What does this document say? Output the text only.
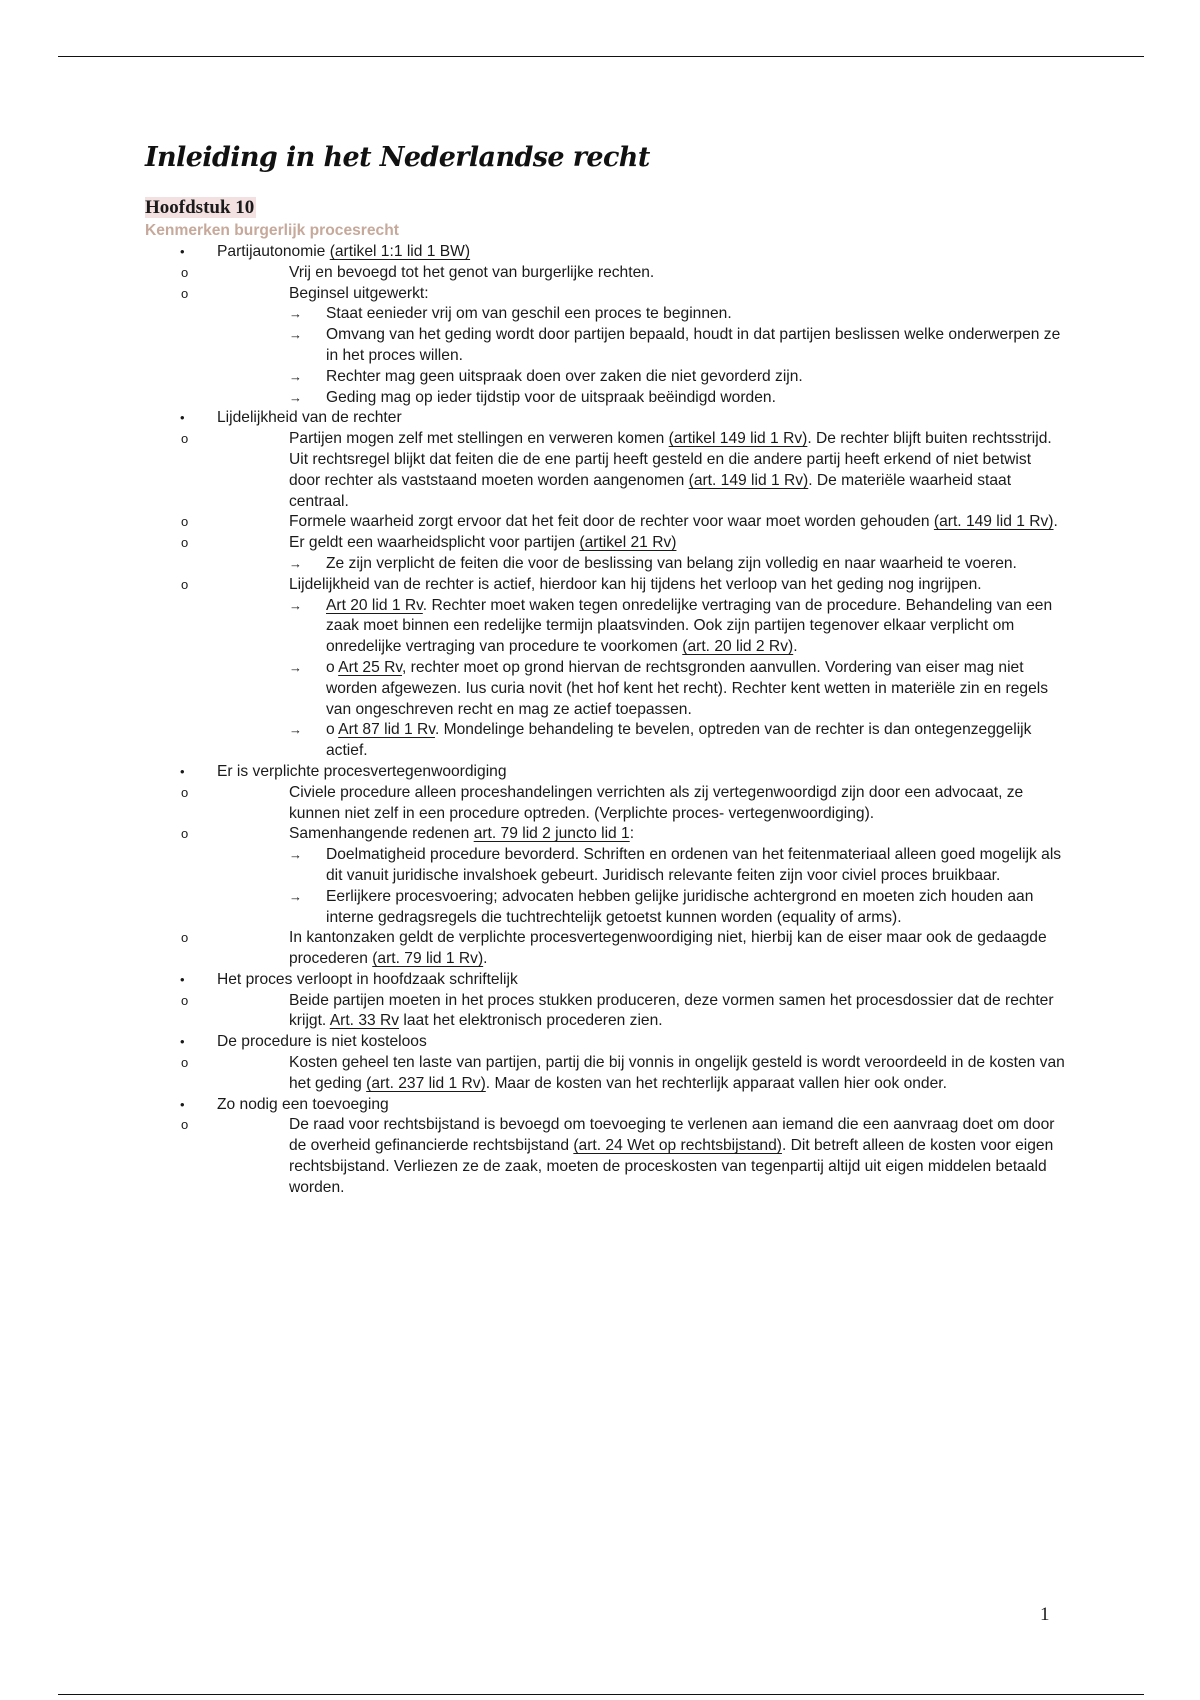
Inleiding in het Nederlandse recht
Hoofdstuk 10
Kenmerken burgerlijk procesrecht
• Partijautonomie (artikel 1:1 lid 1 BW)
o	Vrij en bevoegd tot het genot van burgerlijke rechten.
o	Beginsel uitgewerkt:
→ Staat eenieder vrij om van geschil een proces te beginnen.
→ Omvang van het geding wordt door partijen bepaald, houdt in dat partijen beslissen welke onderwerpen ze in het proces willen.
→ Rechter mag geen uitspraak doen over zaken die niet gevorderd zijn.
→ Geding mag op ieder tijdstip voor de uitspraak beëindigd worden.
• Lijdelijkheid van de rechter
o	Partijen mogen zelf met stellingen en verweren komen (artikel 149 lid 1 Rv). De rechter blijft buiten rechtsstrijd. Uit rechtsregel blijkt dat feiten die de ene partij heeft gesteld en die andere partij heeft erkend of niet betwist door rechter als vaststaand moeten worden aangenomen (art. 149 lid 1 Rv). De materiële waarheid staat centraal.
o	Formele waarheid zorgt ervoor dat het feit door de rechter voor waar moet worden gehouden (art. 149 lid 1 Rv).
o	Er geldt een waarheidsplicht voor partijen (artikel 21 Rv)
→ Ze zijn verplicht de feiten die voor de beslissing van belang zijn volledig en naar waarheid te voeren.
o	Lijdelijkheid van de rechter is actief, hierdoor kan hij tijdens het verloop van het geding nog ingrijpen.
→ Art 20 lid 1 Rv. Rechter moet waken tegen onredelijke vertraging van de procedure. Behandeling van een zaak moet binnen een redelijke termijn plaatsvinden. Ook zijn partijen tegenover elkaar verplicht om onredelijke vertraging van procedure te voorkomen (art. 20 lid 2 Rv).
→ o Art 25 Rv, rechter moet op grond hiervan de rechtsgronden aanvullen. Vordering van eiser mag niet worden afgewezen. Ius curia novit (het hof kent het recht). Rechter kent wetten in materiële zin en regels van ongeschreven recht en mag ze actief toepassen.
→ o Art 87 lid 1 Rv. Mondelinge behandeling te bevelen, optreden van de rechter is dan ontegenzeggelijk actief.
• Er is verplichte procesvertegenwoordiging
o	Civiele procedure alleen proceshandelingen verrichten als zij vertegenwoordigd zijn door een advocaat, ze kunnen niet zelf in een procedure optreden. (Verplichte proces- vertegenwoordiging).
o	Samenhangende redenen art. 79 lid 2 juncto lid 1:
→ Doelmatigheid procedure bevorderd. Schriften en ordenen van het feitenmateriaal alleen goed mogelijk als dit vanuit juridische invalshoek gebeurt. Juridisch relevante feiten zijn voor civiel proces bruikbaar.
→ Eerlijkere procesvoering; advocaten hebben gelijke juridische achtergrond en moeten zich houden aan interne gedragsregels die tuchtrechtelijk getoetst kunnen worden (equality of arms).
o	In kantonzaken geldt de verplichte procesvertegenwoordiging niet, hierbij kan de eiser maar ook de gedaagde procederen (art. 79 lid 1 Rv).
• Het proces verloopt in hoofdzaak schriftelijk
o	Beide partijen moeten in het proces stukken produceren, deze vormen samen het procesdossier dat de rechter krijgt. Art. 33 Rv laat het elektronisch procederen zien.
• De procedure is niet kosteloos
o	Kosten geheel ten laste van partijen, partij die bij vonnis in ongelijk gesteld is wordt veroordeeld in de kosten van het geding (art. 237 lid 1 Rv). Maar de kosten van het rechterlijk apparaat vallen hier ook onder.
• Zo nodig een toevoeging
o	De raad voor rechtsbijstand is bevoegd om toevoeging te verlenen aan iemand die een aanvraag doet om door de overheid gefinancierde rechtsbijstand (art. 24 Wet op rechtsbijstand). Dit betreft alleen de kosten voor eigen rechtsbijstand. Verliezen ze de zaak, moeten de proceskosten van tegenpartij altijd uit eigen middelen betaald worden.
1
